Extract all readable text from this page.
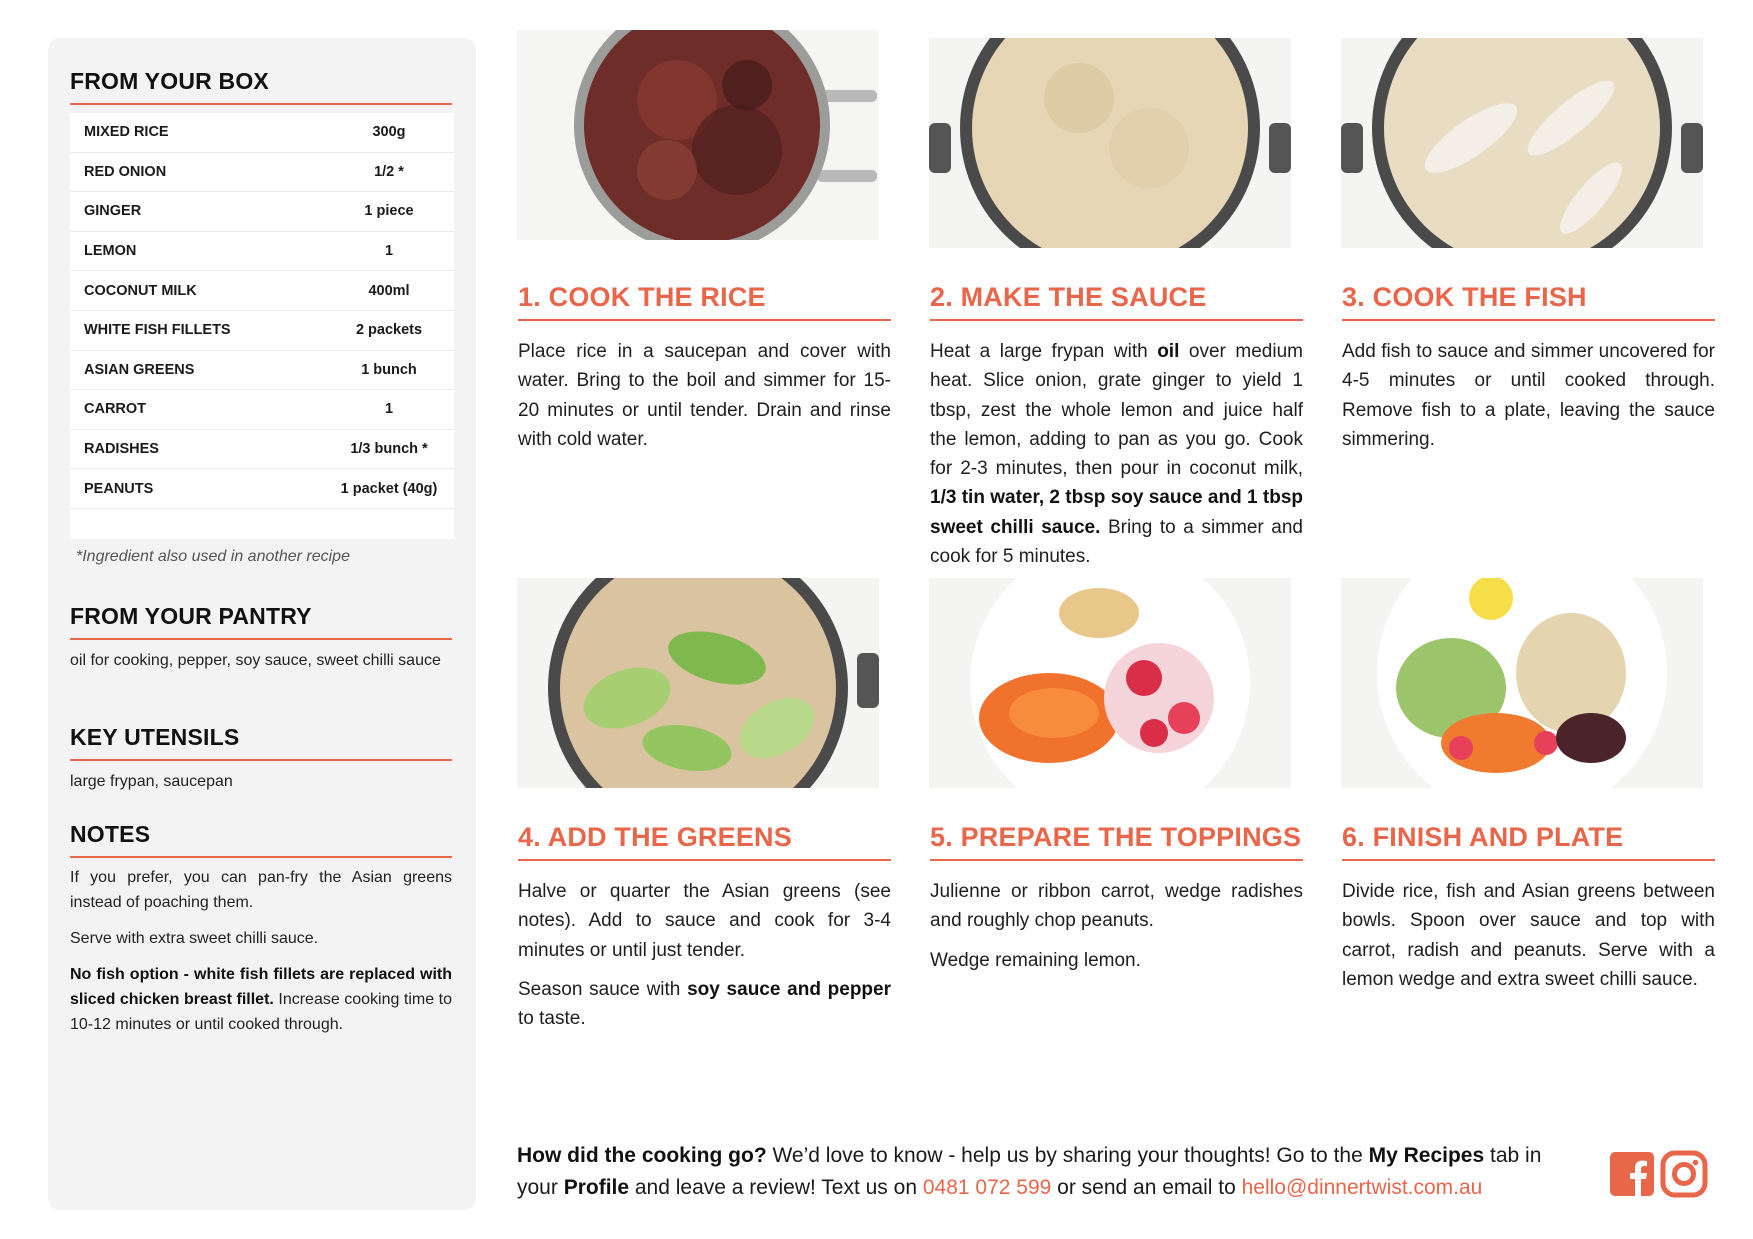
FROM YOUR BOX
MIXED RICE	300g
RED ONION	1/2 *
GINGER	1 piece
LEMON	1
COCONUT MILK	400ml
WHITE FISH FILLETS	2 packets
ASIAN GREENS	1 bunch
CARROT	1
RADISHES	1/3 bunch *
PEANUTS	1 packet (40g)
*Ingredient also used in another recipe
FROM YOUR PANTRY
oil for cooking, pepper, soy sauce, sweet chilli sauce
KEY UTENSILS
large frypan, saucepan
NOTES

If you prefer, you can pan-fry the Asian greens instead of poaching them.

Serve with extra sweet chilli sauce.

No fish option - white fish fillets are replaced with sliced chicken breast fillet. Increase cooking time to 10-12 minutes or until cooked through.

1. COOK THE RICE
Place rice in a saucepan and cover with water. Bring to the boil and simmer for 15-20 minutes or until tender. Drain and rinse with cold water.
2. MAKE THE SAUCE
Heat a large frypan with oil over medium heat. Slice onion, grate ginger to yield 1 tbsp, zest the whole lemon and juice half the lemon, adding to pan as you go. Cook for 2-3 minutes, then pour in coconut milk, 1/3 tin water, 2 tbsp soy sauce and 1 tbsp sweet chilli sauce. Bring to a simmer and cook for 5 minutes.
3. COOK THE FISH
Add fish to sauce and simmer uncovered for 4-5 minutes or until cooked through. Remove fish to a plate, leaving the sauce simmering.
4. ADD THE GREENS

Halve or quarter the Asian greens (see notes). Add to sauce and cook for 3-4 minutes or until just tender.

Season sauce with soy sauce and pepper to taste.

5. PREPARE THE TOPPINGS

Julienne or ribbon carrot, wedge radishes and roughly chop peanuts.

Wedge remaining lemon.

6. FINISH AND PLATE
Divide rice, fish and Asian greens between bowls. Spoon over sauce and top with carrot, radish and peanuts. Serve with a lemon wedge and extra sweet chilli sauce.
How did the cooking go? We’d love to know - help us by sharing your thoughts! Go to the My Recipes tab in your Profile and leave a review! Text us on 0481 072 599 or send an email to hello@dinnertwist.com.au
